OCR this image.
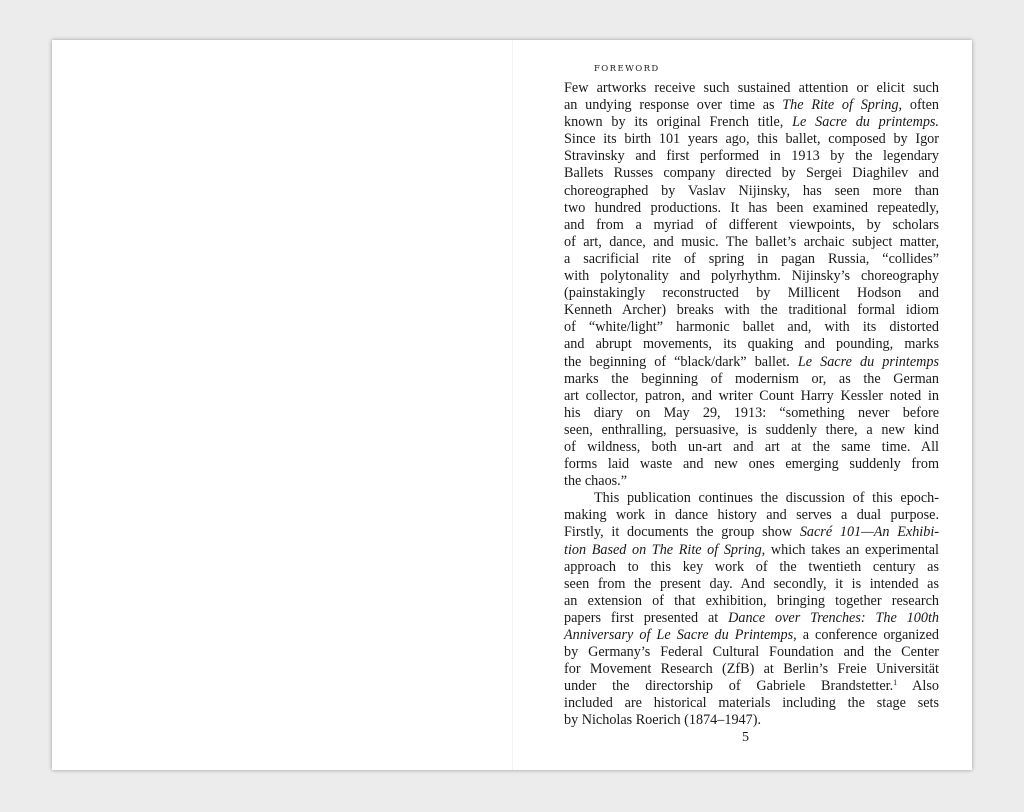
FOREWORD
Few artworks receive such sustained attention or elicit such
an undying response over time as The Rite of Spring, often
known by its original French title, Le Sacre du printemps.
Since its birth 101 years ago, this ballet, composed by Igor
Stravinsky and first performed in 1913 by the legendary
Ballets Russes company directed by Sergei Diaghilev and
choreographed by Vaslav Nijinsky, has seen more than
two hundred productions. It has been examined repeatedly,
and from a myriad of different viewpoints, by scholars
of art, dance, and music. The ballet’s archaic subject matter,
a sacrificial rite of spring in pagan Russia, “collides”
with polytonality and polyrhythm. Nijinsky’s choreography
(painstakingly reconstructed by Millicent Hodson and
Kenneth Archer) breaks with the traditional formal idiom
of “white/light” harmonic ballet and, with its distorted
and abrupt movements, its quaking and pounding, marks
the beginning of “black/dark” ballet. Le Sacre du printemps
marks the beginning of modernism or, as the German
art collector, patron, and writer Count Harry Kessler noted in
his diary on May 29, 1913: “something never before
seen, enthralling, persuasive, is suddenly there, a new kind
of wildness, both un-art and art at the same time. All
forms laid waste and new ones emerging suddenly from
the chaos.”
This publication continues the discussion of this epoch-
making work in dance history and serves a dual purpose.
Firstly, it documents the group show Sacré 101—An Exhibi-
tion Based on The Rite of Spring, which takes an experimental
approach to this key work of the twentieth century as
seen from the present day. And secondly, it is intended as
an extension of that exhibition, bringing together research
papers first presented at Dance over Trenches: The 100th
Anniversary of Le Sacre du Printemps, a conference organized
by Germany’s Federal Cultural Foundation and the Center
for Movement Research (ZfB) at Berlin’s Freie Universität
under the directorship of Gabriele Brandstetter.$^1$ Also
included are historical materials including the stage sets
by Nicholas Roerich (1874–1947).
5
